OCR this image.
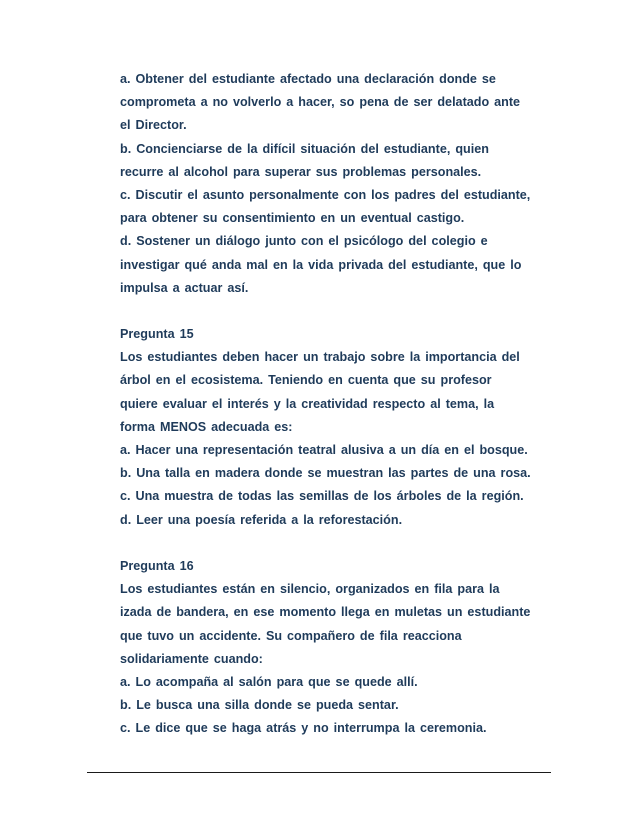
a. Obtener del estudiante afectado una declaración donde se
comprometa a no volverlo a hacer, so pena de ser delatado ante
el Director.
b. Concienciarse de la difícil situación del estudiante, quien
recurre al alcohol para superar sus problemas personales.
c. Discutir el asunto personalmente con los padres del estudiante,
para obtener su consentimiento en un eventual castigo.
d. Sostener un diálogo junto con el psicólogo del colegio e
investigar qué anda mal en la vida privada del estudiante, que lo
impulsa a actuar así.
Pregunta 15
Los estudiantes deben hacer un trabajo sobre la importancia del
árbol en el ecosistema. Teniendo en cuenta que su profesor
quiere evaluar el interés y la creatividad respecto al tema, la
forma MENOS adecuada es:
a. Hacer una representación teatral alusiva a un día en el bosque.
b. Una talla en madera donde se muestran las partes de una rosa.
c. Una muestra de todas las semillas de los árboles de la región.
d. Leer una poesía referida a la reforestación.
Pregunta 16
Los estudiantes están en silencio, organizados en fila para la
izada de bandera, en ese momento llega en muletas un estudiante
que tuvo un accidente. Su compañero de fila reacciona
solidariamente cuando:
a. Lo acompaña al salón para que se quede allí.
b. Le busca una silla donde se pueda sentar.
c. Le dice que se haga atrás y no interrumpa la ceremonia.
